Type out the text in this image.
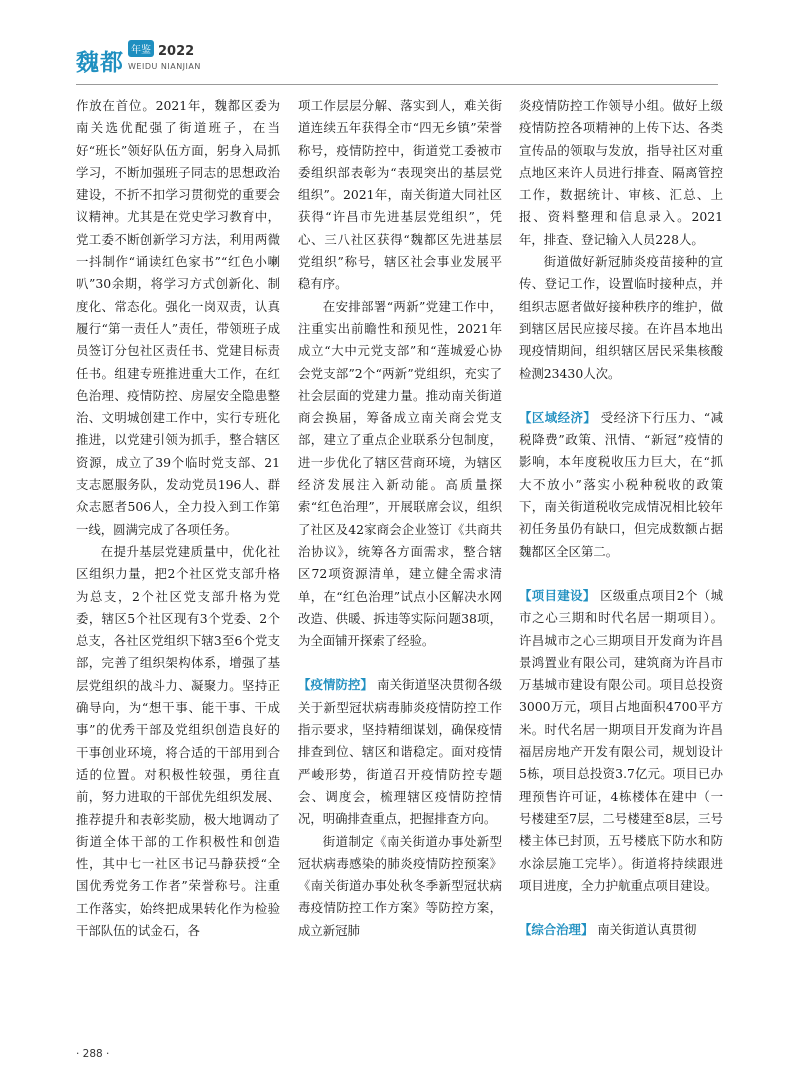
魏都 年鉴 2022
WEIDU NIANJIAN

作放在首位。2021年，魏都区委为南关选优配强了街道班子，在当好“班长”领好队伍方面，躬身入局抓学习，不断加强班子同志的思想政治建设，不折不扣学习贯彻党的重要会议精神。尤其是在党史学习教育中，党工委不断创新学习方法，利用两微一抖制作“诵读红色家书”“红色小喇叭”30余期，将学习方式创新化、制度化、常态化。强化一岗双责，认真履行“第一责任人”责任，带领班子成员签订分包社区责任书、党建目标责任书。组建专班推进重大工作，在红色治理、疫情防控、房屋安全隐患整治、文明城创建工作中，实行专班化推进，以党建引领为抓手，整合辖区资源，成立了39个临时党支部、21支志愿服务队，发动党员196人、群众志愿者506人，全力投入到工作第一线，圆满完成了各项任务。

在提升基层党建质量中，优化社区组织力量，把2个社区党支部升格为总支，2个社区党支部升格为党委，辖区5个社区现有3个党委、2个总支，各社区党组织下辖3至6个党支部，完善了组织架构体系，增强了基层党组织的战斗力、凝聚力。坚持正确导向，为“想干事、能干事、干成事”的优秀干部及党组织创造良好的干事创业环境，将合适的干部用到合适的位置。对积极性较强，勇往直前，努力进取的干部优先组织发展、推荐提升和表彰奖励，极大地调动了街道全体干部的工作积极性和创造性，其中七一社区书记马静获授“全国优秀党务工作者”荣誉称号。注重工作落实，始终把成果转化作为检验干部队伍的试金石，各

项工作层层分解、落实到人，难关街道连续五年获得全市“四无乡镇”荣誉称号，疫情防控中，街道党工委被市委组织部表彰为“表现突出的基层党组织”。2021年，南关街道大同社区获得“许昌市先进基层党组织”，凭心、三八社区获得“魏都区先进基层党组织”称号，辖区社会事业发展平稳有序。

在安排部署“两新”党建工作中，注重实出前瞻性和预见性，2021年成立“大中元党支部”和“莲城爱心协会党支部”2个“两新”党组织，充实了社会层面的党建力量。推动南关街道商会换届，筹备成立南关商会党支部，建立了重点企业联系分包制度，进一步优化了辖区营商环境，为辖区经济发展注入新动能。高质量探索“红色治理”，开展联席会议，组织了社区及42家商会企业签订《共商共治协议》，统筹各方面需求，整合辖区72项资源清单，建立健全需求清单，在“红色治理”试点小区解决水网改造、供暖、拆违等实际问题38项，为全面铺开探索了经验。

【疫情防控】 南关街道坚决贯彻各级关于新型冠状病毒肺炎疫情防控工作指示要求，坚持精细谋划，确保疫情排查到位、辖区和谐稳定。面对疫情严峻形势，街道召开疫情防控专题会、调度会，梳理辖区疫情防控情况，明确排查重点，把握排查方向。

街道制定《南关街道办事处新型冠状病毒感染的肺炎疫情防控预案》《南关街道办事处秋冬季新型冠状病毒疫情防控工作方案》等防控方案，成立新冠肺

炎疫情防控工作领导小组。做好上级疫情防控各项精神的上传下达、各类宣传品的领取与发放，指导社区对重点地区来许人员进行排查、隔离管控工作，数据统计、审核、汇总、上报、资料整理和信息录入。2021年，排查、登记输入人员228人。

街道做好新冠肺炎疫苗接种的宣传、登记工作，设置临时接种点，并组织志愿者做好接种秩序的维护，做到辖区居民应接尽接。在许昌本地出现疫情期间，组织辖区居民采集核酸检测23430人次。

【区域经济】 受经济下行压力、“减税降费”政策、汛情、“新冠”疫情的影响，本年度税收压力巨大，在“抓大不放小”落实小税种税收的政策下，南关街道税收完成情况相比较年初任务虽仍有缺口，但完成数额占据魏都区全区第二。

【项目建设】 区级重点项目2个（城市之心三期和时代名居一期项目）。许昌城市之心三期项目开发商为许昌景鸿置业有限公司，建筑商为许昌市万基城市建设有限公司。项目总投资3000万元，项目占地面积4700平方米。时代名居一期项目开发商为许昌福居房地产开发有限公司，规划设计5栋，项目总投资3.7亿元。项目已办理预售许可证，4栋楼体在建中（一号楼建至7层，二号楼建至8层，三号楼主体已封顶，五号楼底下防水和防水涂层施工完毕）。街道将持续跟进项目进度，全力护航重点项目建设。

【综合治理】 南关街道认真贯彻

· 288 ·
